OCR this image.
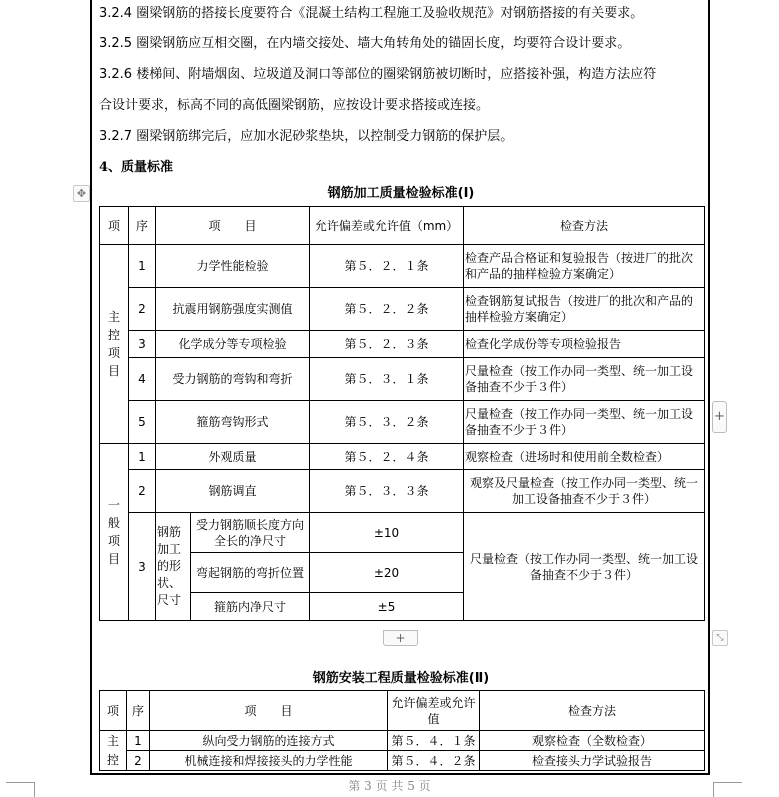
3.2.4 圈梁钢筋的搭接长度要符合《混凝土结构工程施工及验收规范》对钢筋搭接的有关要求。
3.2.5 圈梁钢筋应互相交圈，在内墙交接处、墙大角转角处的锚固长度，均要符合设计要求。
3.2.6 楼梯间、附墙烟囱、垃圾道及洞口等部位的圈梁钢筋被切断时，应搭接补强，构造方法应符
合设计要求，标高不同的高低圈梁钢筋，应按设计要求搭接或连接。
3.2.7 圈梁钢筋绑完后，应加水泥砂浆垫块，以控制受力钢筋的保护层。
4、质量标准
钢筋加工质量检验标准(I)
✥
项	序	项　　目		允许偏差或允许值（mm）	检查方法

主控项目	1	力学性能检验		第５．２．１条	检查产品合格证和复验报告（按进厂的批次和产品的抽样检验方案确定）
	2	抗震用钢筋强度实测值		第５．２．２条	检查钢筋复试报告（按进厂的批次和产品的抽样检验方案确定）
	3	化学成分等专项检验		第５．２．３条	检查化学成份等专项检验报告
	4	受力钢筋的弯钩和弯折		第５．３．１条	尺量检查（按工作办同一类型、统一加工设备抽查不少于３件）
	5	箍筋弯钩形式		第５．３．２条	尺量检查（按工作办同一类型、统一加工设备抽查不少于３件）

一般项目	1	外观质量		第５．２．４条	观察检查（进场时和使用前全数检查）
	2	钢筋调直		第５．３．３条	观察及尺量检查（按工作办同一类型、统一加工设备抽查不少于３件）
	3	钢筋加工的形状、尺寸	受力钢筋顺长度方向全长的净尺寸	±10	尺量检查（按工作办同一类型、统一加工设备抽查不少于３件）
			弯起钢筋的弯折位置	±20	
			箍筋内净尺寸	±5	
+
+	⤡
钢筋安装工程质量检验标准(Ⅱ)
项	序	项　　目	允许偏差或允许值	检查方法
主	1	纵向受力钢筋的连接方式	第５．４．１条	观察检查（全数检查）
控	2	机械连接和焊接接头的力学性能	第５．４．２条	检查接头力学试验报告
第 3 页 共 5 页
